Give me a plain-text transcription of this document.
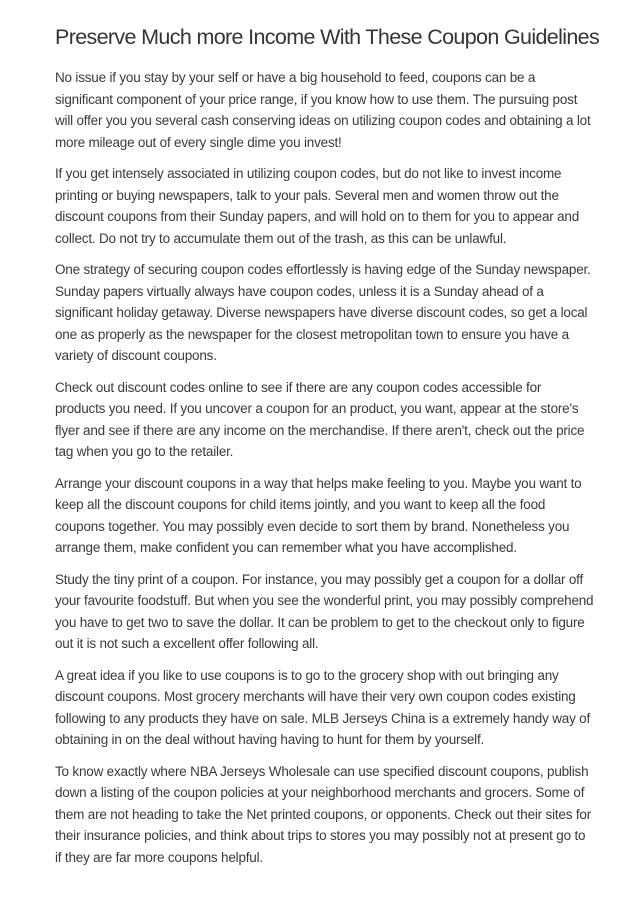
Preserve Much more Income With These Coupon Guidelines

No issue if you stay by your self or have a big household to feed, coupons can be a
significant component of your price range, if you know how to use them. The pursuing post
will offer you you several cash conserving ideas on utilizing coupon codes and obtaining a lot
more mileage out of every single dime you invest!

If you get intensely associated in utilizing coupon codes, but do not like to invest income
printing or buying newspapers, talk to your pals. Several men and women throw out the
discount coupons from their Sunday papers, and will hold on to them for you to appear and
collect. Do not try to accumulate them out of the trash, as this can be unlawful.

One strategy of securing coupon codes effortlessly is having edge of the Sunday newspaper.
Sunday papers virtually always have coupon codes, unless it is a Sunday ahead of a
significant holiday getaway. Diverse newspapers have diverse discount codes, so get a local
one as properly as the newspaper for the closest metropolitan town to ensure you have a
variety of discount coupons.

Check out discount codes online to see if there are any coupon codes accessible for
products you need. If you uncover a coupon for an product, you want, appear at the store's
flyer and see if there are any income on the merchandise. If there aren't, check out the price
tag when you go to the retailer.

Arrange your discount coupons in a way that helps make feeling to you. Maybe you want to
keep all the discount coupons for child items jointly, and you want to keep all the food
coupons together. You may possibly even decide to sort them by brand. Nonetheless you
arrange them, make confident you can remember what you have accomplished.

Study the tiny print of a coupon. For instance, you may possibly get a coupon for a dollar off
your favourite foodstuff. But when you see the wonderful print, you may possibly comprehend
you have to get two to save the dollar. It can be problem to get to the checkout only to figure
out it is not such a excellent offer following all.

A great idea if you like to use coupons is to go to the grocery shop with out bringing any
discount coupons. Most grocery merchants will have their very own coupon codes existing
following to any products they have on sale. MLB Jerseys China is a extremely handy way of
obtaining in on the deal without having having to hunt for them by yourself.

To know exactly where NBA Jerseys Wholesale can use specified discount coupons, publish
down a listing of the coupon policies at your neighborhood merchants and grocers. Some of
them are not heading to take the Net printed coupons, or opponents. Check out their sites for
their insurance policies, and think about trips to stores you may possibly not at present go to
if they are far more coupons helpful.
